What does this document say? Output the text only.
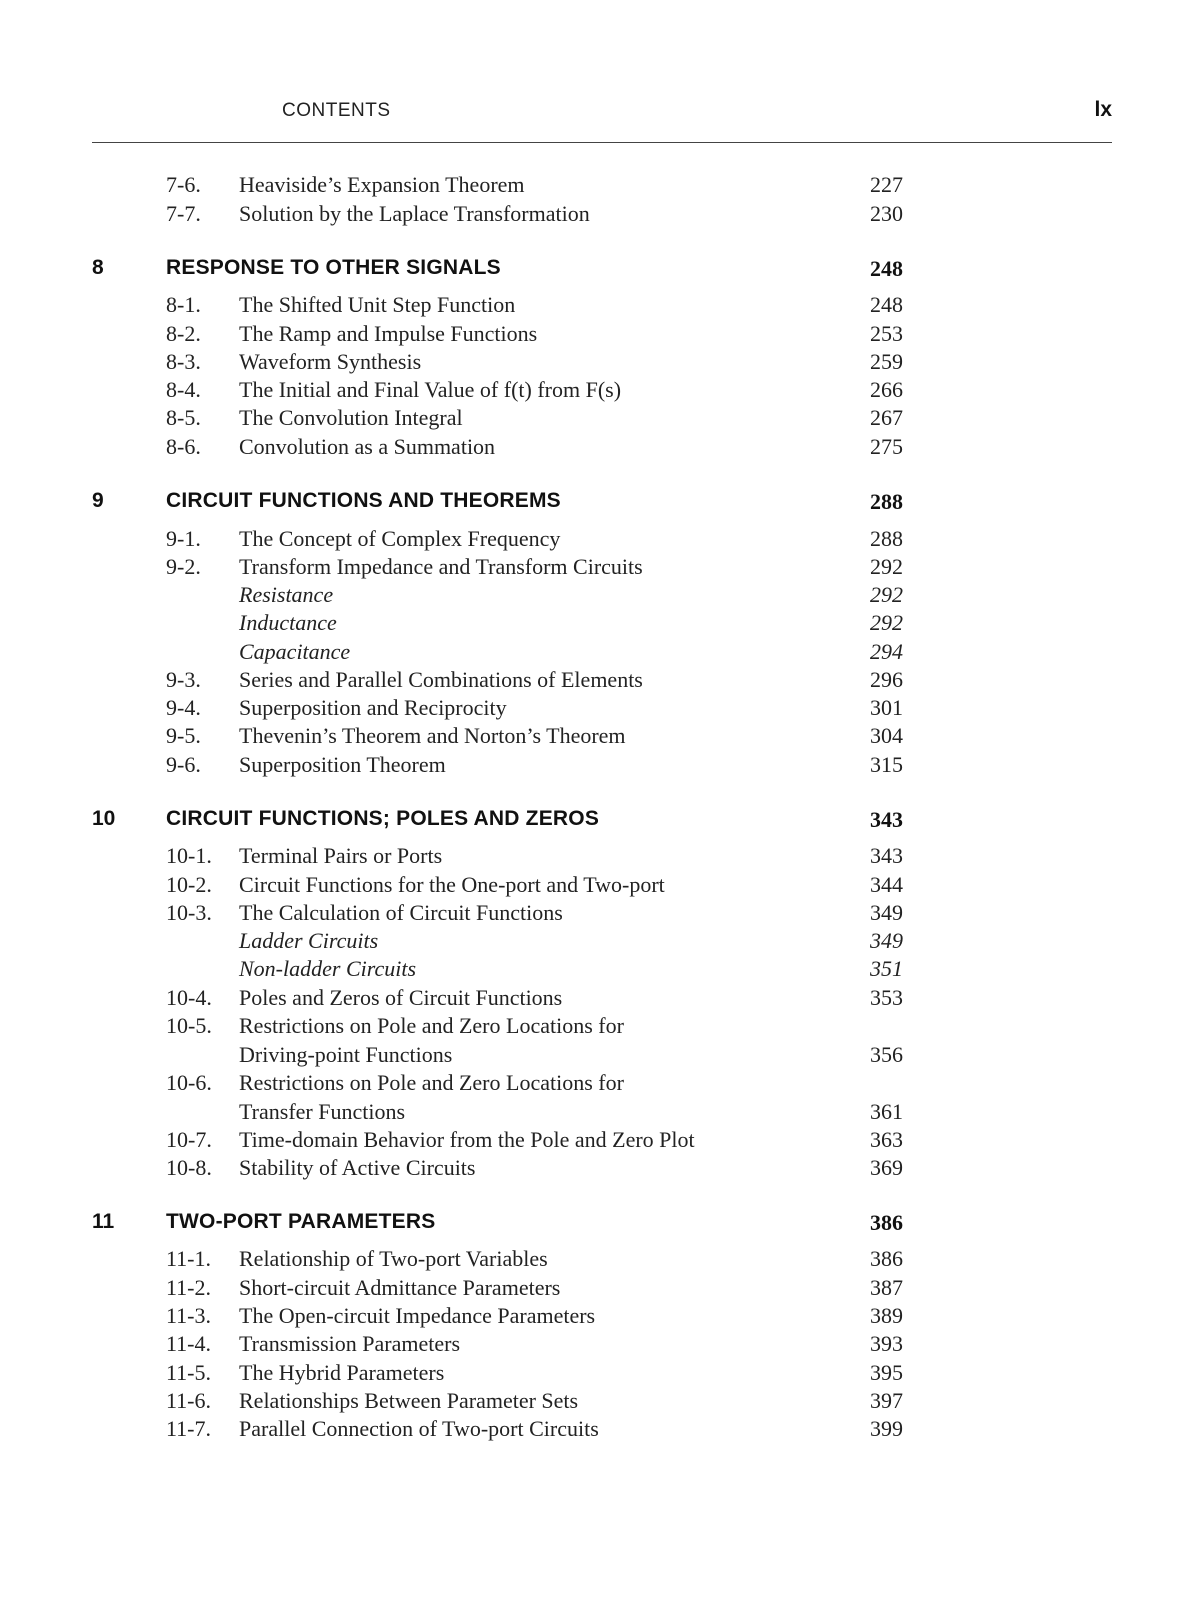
CONTENTS	lx
7-6. Heaviside’s Expansion Theorem	227
7-7. Solution by the Laplace Transformation	230
8	RESPONSE TO OTHER SIGNALS	248
8-1. The Shifted Unit Step Function	248
8-2. The Ramp and Impulse Functions	253
8-3. Waveform Synthesis	259
8-4. The Initial and Final Value of f(t) from F(s)	266
8-5. The Convolution Integral	267
8-6. Convolution as a Summation	275
9	CIRCUIT FUNCTIONS AND THEOREMS	288
9-1. The Concept of Complex Frequency	288
9-2. Transform Impedance and Transform Circuits	292
Resistance	292
Inductance	292
Capacitance	294
9-3. Series and Parallel Combinations of Elements	296
9-4. Superposition and Reciprocity	301
9-5. Thevenin’s Theorem and Norton’s Theorem	304
9-6. Superposition Theorem	315
10 CIRCUIT FUNCTIONS; POLES AND ZEROS	343
10-1. Terminal Pairs or Ports	343
10-2. Circuit Functions for the One-port and Two-port	344
10-3. The Calculation of Circuit Functions	349
Ladder Circuits	349
Non-ladder Circuits	351
10-4. Poles and Zeros of Circuit Functions	353
10-5. Restrictions on Pole and Zero Locations for
Driving-point Functions	356
10-6. Restrictions on Pole and Zero Locations for
Transfer Functions	361
10-7. Time-domain Behavior from the Pole and Zero Plot	363
10-8. Stability of Active Circuits	369
11 TWO-PORT PARAMETERS	386
11-1. Relationship of Two-port Variables	386
11-2. Short-circuit Admittance Parameters	387
11-3. The Open-circuit Impedance Parameters	389
11-4. Transmission Parameters	393
11-5. The Hybrid Parameters	395
11-6. Relationships Between Parameter Sets	397
11-7. Parallel Connection of Two-port Circuits	399
